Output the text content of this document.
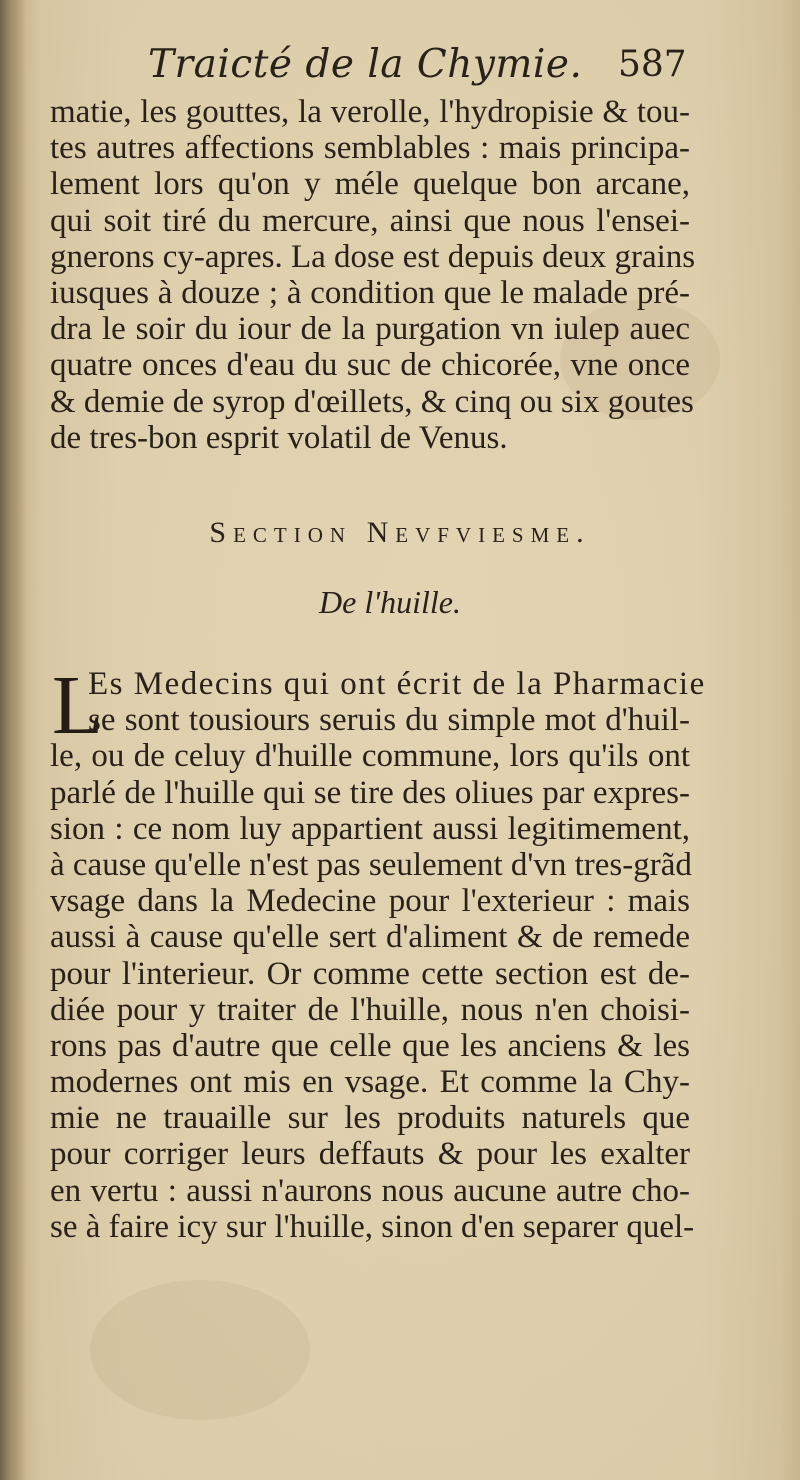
Traicté de la Chymie. 587
matie, les gouttes, la verolle, l'hydropisie & tou-
tes autres affections semblables : mais principa-
lement lors qu'on y méle quelque bon arcane,
qui soit tiré du mercure, ainsi que nous l'ensei-
gnerons cy-apres. La dose est depuis deux grains
iusques à douze ; à condition que le malade pré-
dra le soir du iour de la purgation vn iulep auec
quatre onces d'eau du suc de chicorée, vne once
& demie de syrop d'œillets, & cinq ou six goutes
de tres-bon esprit volatil de Venus.
Section Nevfviesme.
De l'huille.
L
Es Medecins qui ont écrit de la Pharmacie
se sont tousiours seruis du simple mot d'huil-
le, ou de celuy d'huille commune, lors qu'ils ont
parlé de l'huille qui se tire des oliues par expres-
sion : ce nom luy appartient aussi legitimement,
à cause qu'elle n'est pas seulement d'vn tres-grãd
vsage dans la Medecine pour l'exterieur : mais
aussi à cause qu'elle sert d'aliment & de remede
pour l'interieur. Or comme cette section est de-
diée pour y traiter de l'huille, nous n'en choisi-
rons pas d'autre que celle que les anciens & les
modernes ont mis en vsage. Et comme la Chy-
mie ne trauaille sur les produits naturels que
pour corriger leurs deffauts & pour les exalter
en vertu : aussi n'aurons nous aucune autre cho-
se à faire icy sur l'huille, sinon d'en separer quel-
